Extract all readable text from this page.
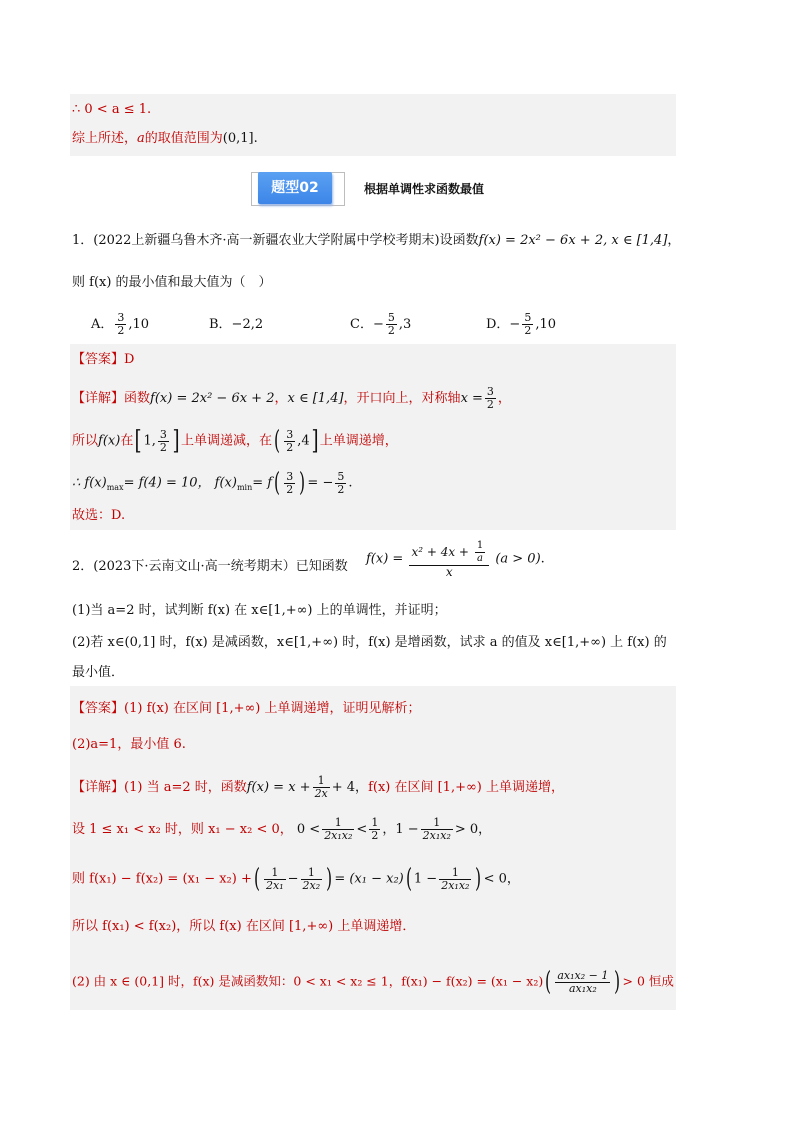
∴ 0 < a ≤ 1.
综上所述，a的取值范围为(0,1].
题型02	根据单调性求函数最值
1．(2022上新疆乌鲁木齐·高一新疆农业大学附属中学校考期末)设函数f(x) = 2x² − 6x + 2, x ∈ [1,4]，
则 f(x) 的最小值和最大值为（　）
A． $\frac{3}{2} ,10$	B．−2,2	C．− $\frac{5}{2} ,3$	D．− $\frac{5}{2} ,10$
【答案】D
【详解】函数f(x) = 2x² − 6x + 2，x ∈ [1,4]，开口向上，对称轴$x = \frac{3}{2}$ ，
所以f(x)在[ 1, $\frac{3}{2}$ ] 上单调递减，在( $\frac{3}{2} ,4$] 上单调递增，
∴ $f(x)_{max}= f(4) = 10$， $f(x)_{min}= f( \frac{3}{2}$ ) = − $\frac{5}{2}$ .
故选：D.
2．(2023下·云南文山·高一统考期末）已知函数 $f(x) = \frac{x^2 + 4x + \frac{1}{a}}{x} (a > 0)$.
(1)当 a=2 时，试判断 f(x) 在 x∈[1,+∞) 上的单调性，并证明；
(2)若 x∈(0,1] 时，f(x) 是减函数，x∈[1,+∞) 时，f(x) 是增函数，试求 a 的值及 x∈[1,+∞) 上 f(x) 的
最小值．
【答案】(1) f(x) 在区间 [1,+∞) 上单调递增，证明见解析；
(2)a=1，最小值 6.
【详解】(1) 当 a=2 时，函数$f(x) = x + \frac{1}{2x} + 4$，f(x) 在区间 [1,+∞) 上单调递增，
设 1 ≤ x₁ < x₂ 时，则 x₁ − x₂ < 0， $0 < \frac{1}{\text{2x₁x₂}} < \frac{1}{2}$ ，$1 - \frac{1}{\text{2x₁x₂}} > 0$，
则 f(x₁) − f(x₂) = (x₁ − x₂) +( $\frac{1}{\text{2x₁}} - \frac{1}{\text{2x₂}}$ ) = (x₁ − x₂)( $1 - \frac{1}{\text{2x₁x₂}}$ ) < 0，
所以 f(x₁) < f(x₂)，所以 f(x) 在区间 [1,+∞) 上单调递增．
(2) 由 x ∈ (0,1] 时，f(x) 是减函数知：0 < x₁ < x₂ ≤ 1，$f(x_1) - f(x_2) = (x_1 - x_2)( \frac{\text{ax₁x₂ − 1}}{\text{ax₁x₂}}$ ) > 0 恒成
